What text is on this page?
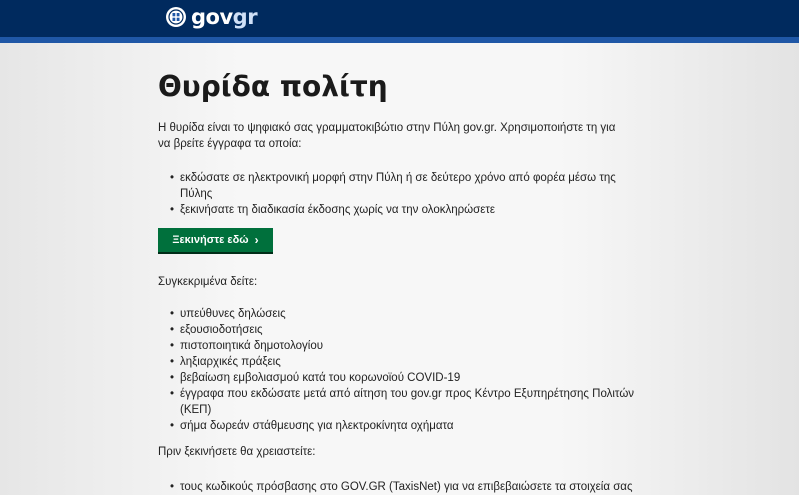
govgr
Θυρίδα πολίτη

Η θυρίδα είναι το ψηφιακό σας γραμματοκιβώτιο στην Πύλη gov.gr. Χρησιμοποιήστε τη για να βρείτε έγγραφα τα οποία:

• εκδώσατε σε ηλεκτρονική μορφή στην Πύλη ή σε δεύτερο χρόνο από φορέα μέσω της Πύλης
• ξεκινήσατε τη διαδικασία έκδοσης χωρίς να την ολοκληρώσετε
Ξεκινήστε εδώ ›

Συγκεκριμένα δείτε:

• υπεύθυνες δηλώσεις
• εξουσιοδοτήσεις
• πιστοποιητικά δημοτολογίου
• ληξιαρχικές πράξεις
• βεβαίωση εμβολιασμού κατά του κορωνοϊού COVID-19
• έγγραφα που εκδώσατε μετά από αίτηση του gov.gr προς Κέντρο Εξυπηρέτησης Πολιτών (ΚΕΠ)
• σήμα δωρεάν στάθμευσης για ηλεκτροκίνητα οχήματα

Πριν ξεκινήσετε θα χρειαστείτε:

• τους κωδικούς πρόσβασης στο GOV.GR (TaxisNet) για να επιβεβαιώσετε τα στοιχεία σας
